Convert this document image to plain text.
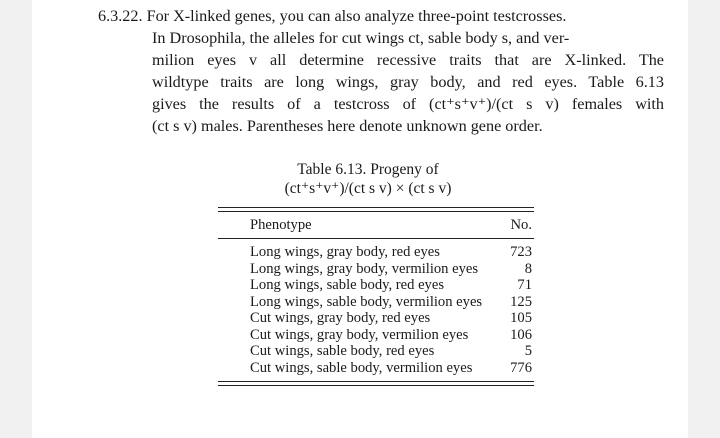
6.3.22. For X-linked genes, you can also analyze three-point testcrosses.
In Drosophila, the alleles for cut wings ct, sable body s, and ver-
milion eyes v all determine recessive traits that are X-linked. The
wildtype traits are long wings, gray body, and red eyes. Table 6.13
gives the results of a testcross of (ct⁺s⁺v⁺)/(ct s v) females with
(ct s v) males. Parentheses here denote unknown gene order.
Table 6.13. Progeny of
(ct⁺s⁺v⁺)/(ct s v) × (ct s v)
Phenotype	No.
Long wings, gray body, red eyes	723
Long wings, gray body, vermilion eyes	8
Long wings, sable body, red eyes	71
Long wings, sable body, vermilion eyes 125
Cut wings, gray body, red eyes	105
Cut wings, gray body, vermilion eyes	106
Cut wings, sable body, red eyes	5
Cut wings, sable body, vermilion eyes	776
